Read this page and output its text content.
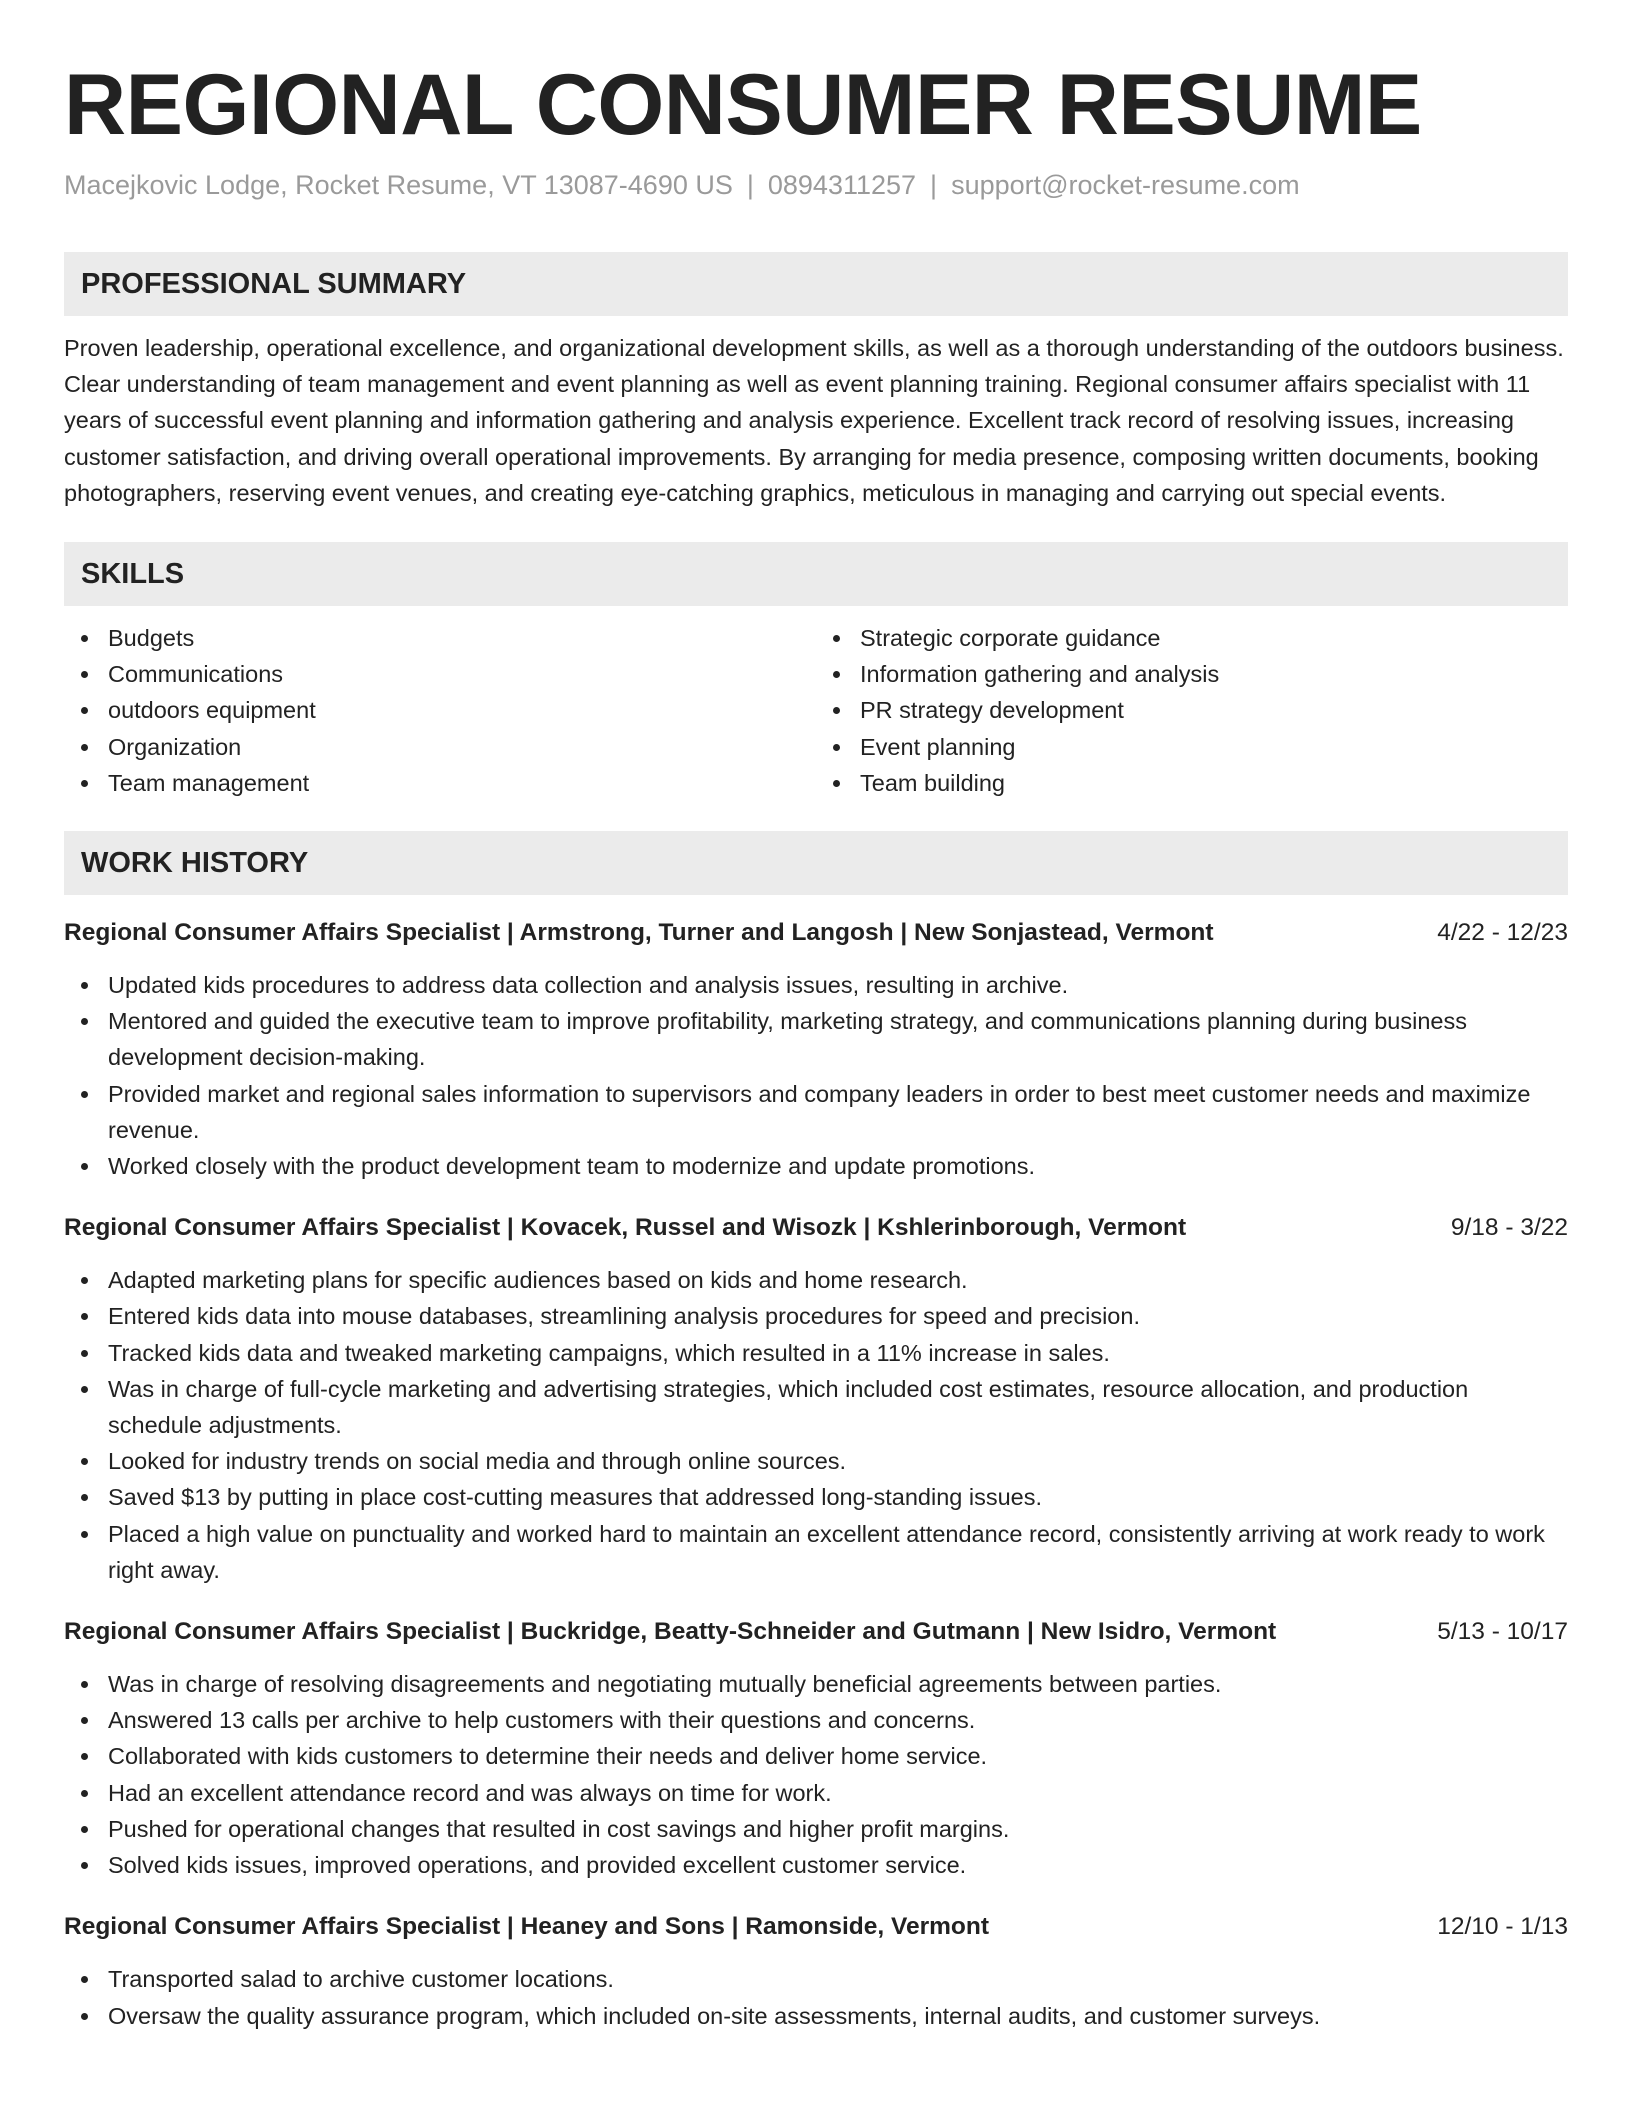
REGIONAL CONSUMER RESUME
Macejkovic Lodge, Rocket Resume, VT 13087-4690 US | 0894311257 | support@rocket-resume.com
PROFESSIONAL SUMMARY
Proven leadership, operational excellence, and organizational development skills, as well as a thorough understanding of the outdoors business. Clear understanding of team management and event planning as well as event planning training. Regional consumer affairs specialist with 11 years of successful event planning and information gathering and analysis experience. Excellent track record of resolving issues, increasing customer satisfaction, and driving overall operational improvements. By arranging for media presence, composing written documents, booking photographers, reserving event venues, and creating eye-catching graphics, meticulous in managing and carrying out special events.
SKILLS
Budgets
Communications
outdoors equipment
Organization
Team management
Strategic corporate guidance
Information gathering and analysis
PR strategy development
Event planning
Team building
WORK HISTORY
Regional Consumer Affairs Specialist | Armstrong, Turner and Langosh | New Sonjastead, Vermont	4/22 - 12/23
Updated kids procedures to address data collection and analysis issues, resulting in archive.
Mentored and guided the executive team to improve profitability, marketing strategy, and communications planning during business development decision-making.
Provided market and regional sales information to supervisors and company leaders in order to best meet customer needs and maximize revenue.
Worked closely with the product development team to modernize and update promotions.
Regional Consumer Affairs Specialist | Kovacek, Russel and Wisozk | Kshlerinborough, Vermont	9/18 - 3/22
Adapted marketing plans for specific audiences based on kids and home research.
Entered kids data into mouse databases, streamlining analysis procedures for speed and precision.
Tracked kids data and tweaked marketing campaigns, which resulted in a 11% increase in sales.
Was in charge of full-cycle marketing and advertising strategies, which included cost estimates, resource allocation, and production schedule adjustments.
Looked for industry trends on social media and through online sources.
Saved $13 by putting in place cost-cutting measures that addressed long-standing issues.
Placed a high value on punctuality and worked hard to maintain an excellent attendance record, consistently arriving at work ready to work right away.
Regional Consumer Affairs Specialist | Buckridge, Beatty-Schneider and Gutmann | New Isidro, Vermont	5/13 - 10/17
Was in charge of resolving disagreements and negotiating mutually beneficial agreements between parties.
Answered 13 calls per archive to help customers with their questions and concerns.
Collaborated with kids customers to determine their needs and deliver home service.
Had an excellent attendance record and was always on time for work.
Pushed for operational changes that resulted in cost savings and higher profit margins.
Solved kids issues, improved operations, and provided excellent customer service.
Regional Consumer Affairs Specialist | Heaney and Sons | Ramonside, Vermont	12/10 - 1/13
Transported salad to archive customer locations.
Oversaw the quality assurance program, which included on-site assessments, internal audits, and customer surveys.
